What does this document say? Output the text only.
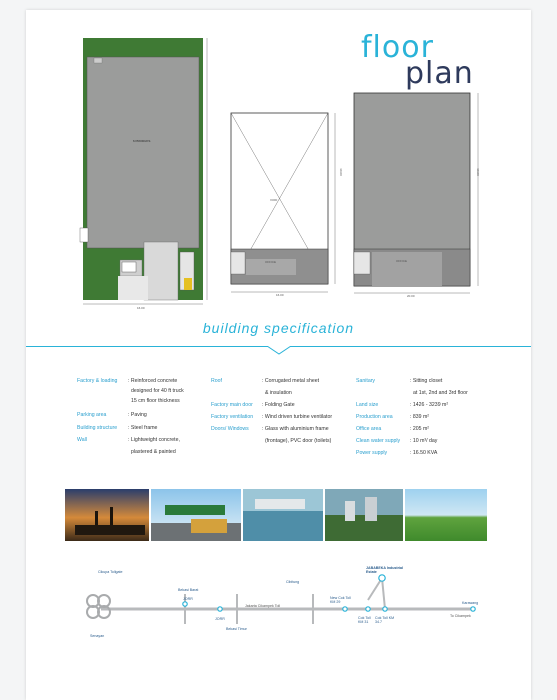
floor
plan
6 PRODUKS
VOID
OFFICE	OFFICE
16.00
16.00	20.00
30.00	30.00
building specification
Factory & loading : Reinforced concrete
designed for 40 ft truck
15 cm floor thickness
Parking area	: Paving
Building structure : Steel frame
Wall	: Lightweight concrete,
plastered & painted
Roof	: Corrugated metal sheet
& insulation
Factory main door : Folding Gate
Factory ventilation : Wind driven turbine ventilator
Doors/ Windows	: Glass with aluminium frame
(frontage), PVC door (toilets)
Sanitary	: Sitting closet
at 1st, 2nd and 3rd floor
Land size	: 1426 - 3239 m²
Production area	: 839 m²
Office area	: 205 m²
Clean water supply : 10 m³/ day
Power supply	: 16.50 KVA
Cikupa Tollgate
Bekasi Barat
Cibitung
JABABEKA Industrial Estate
New Cok Toll KM 29
Cok Toll KM 31
Cok Toll KM 34.7
Karawang
Senayan
JORR
JORR
Bekasi Timur
Jakarta Cikampek Toll
To Cikampek
